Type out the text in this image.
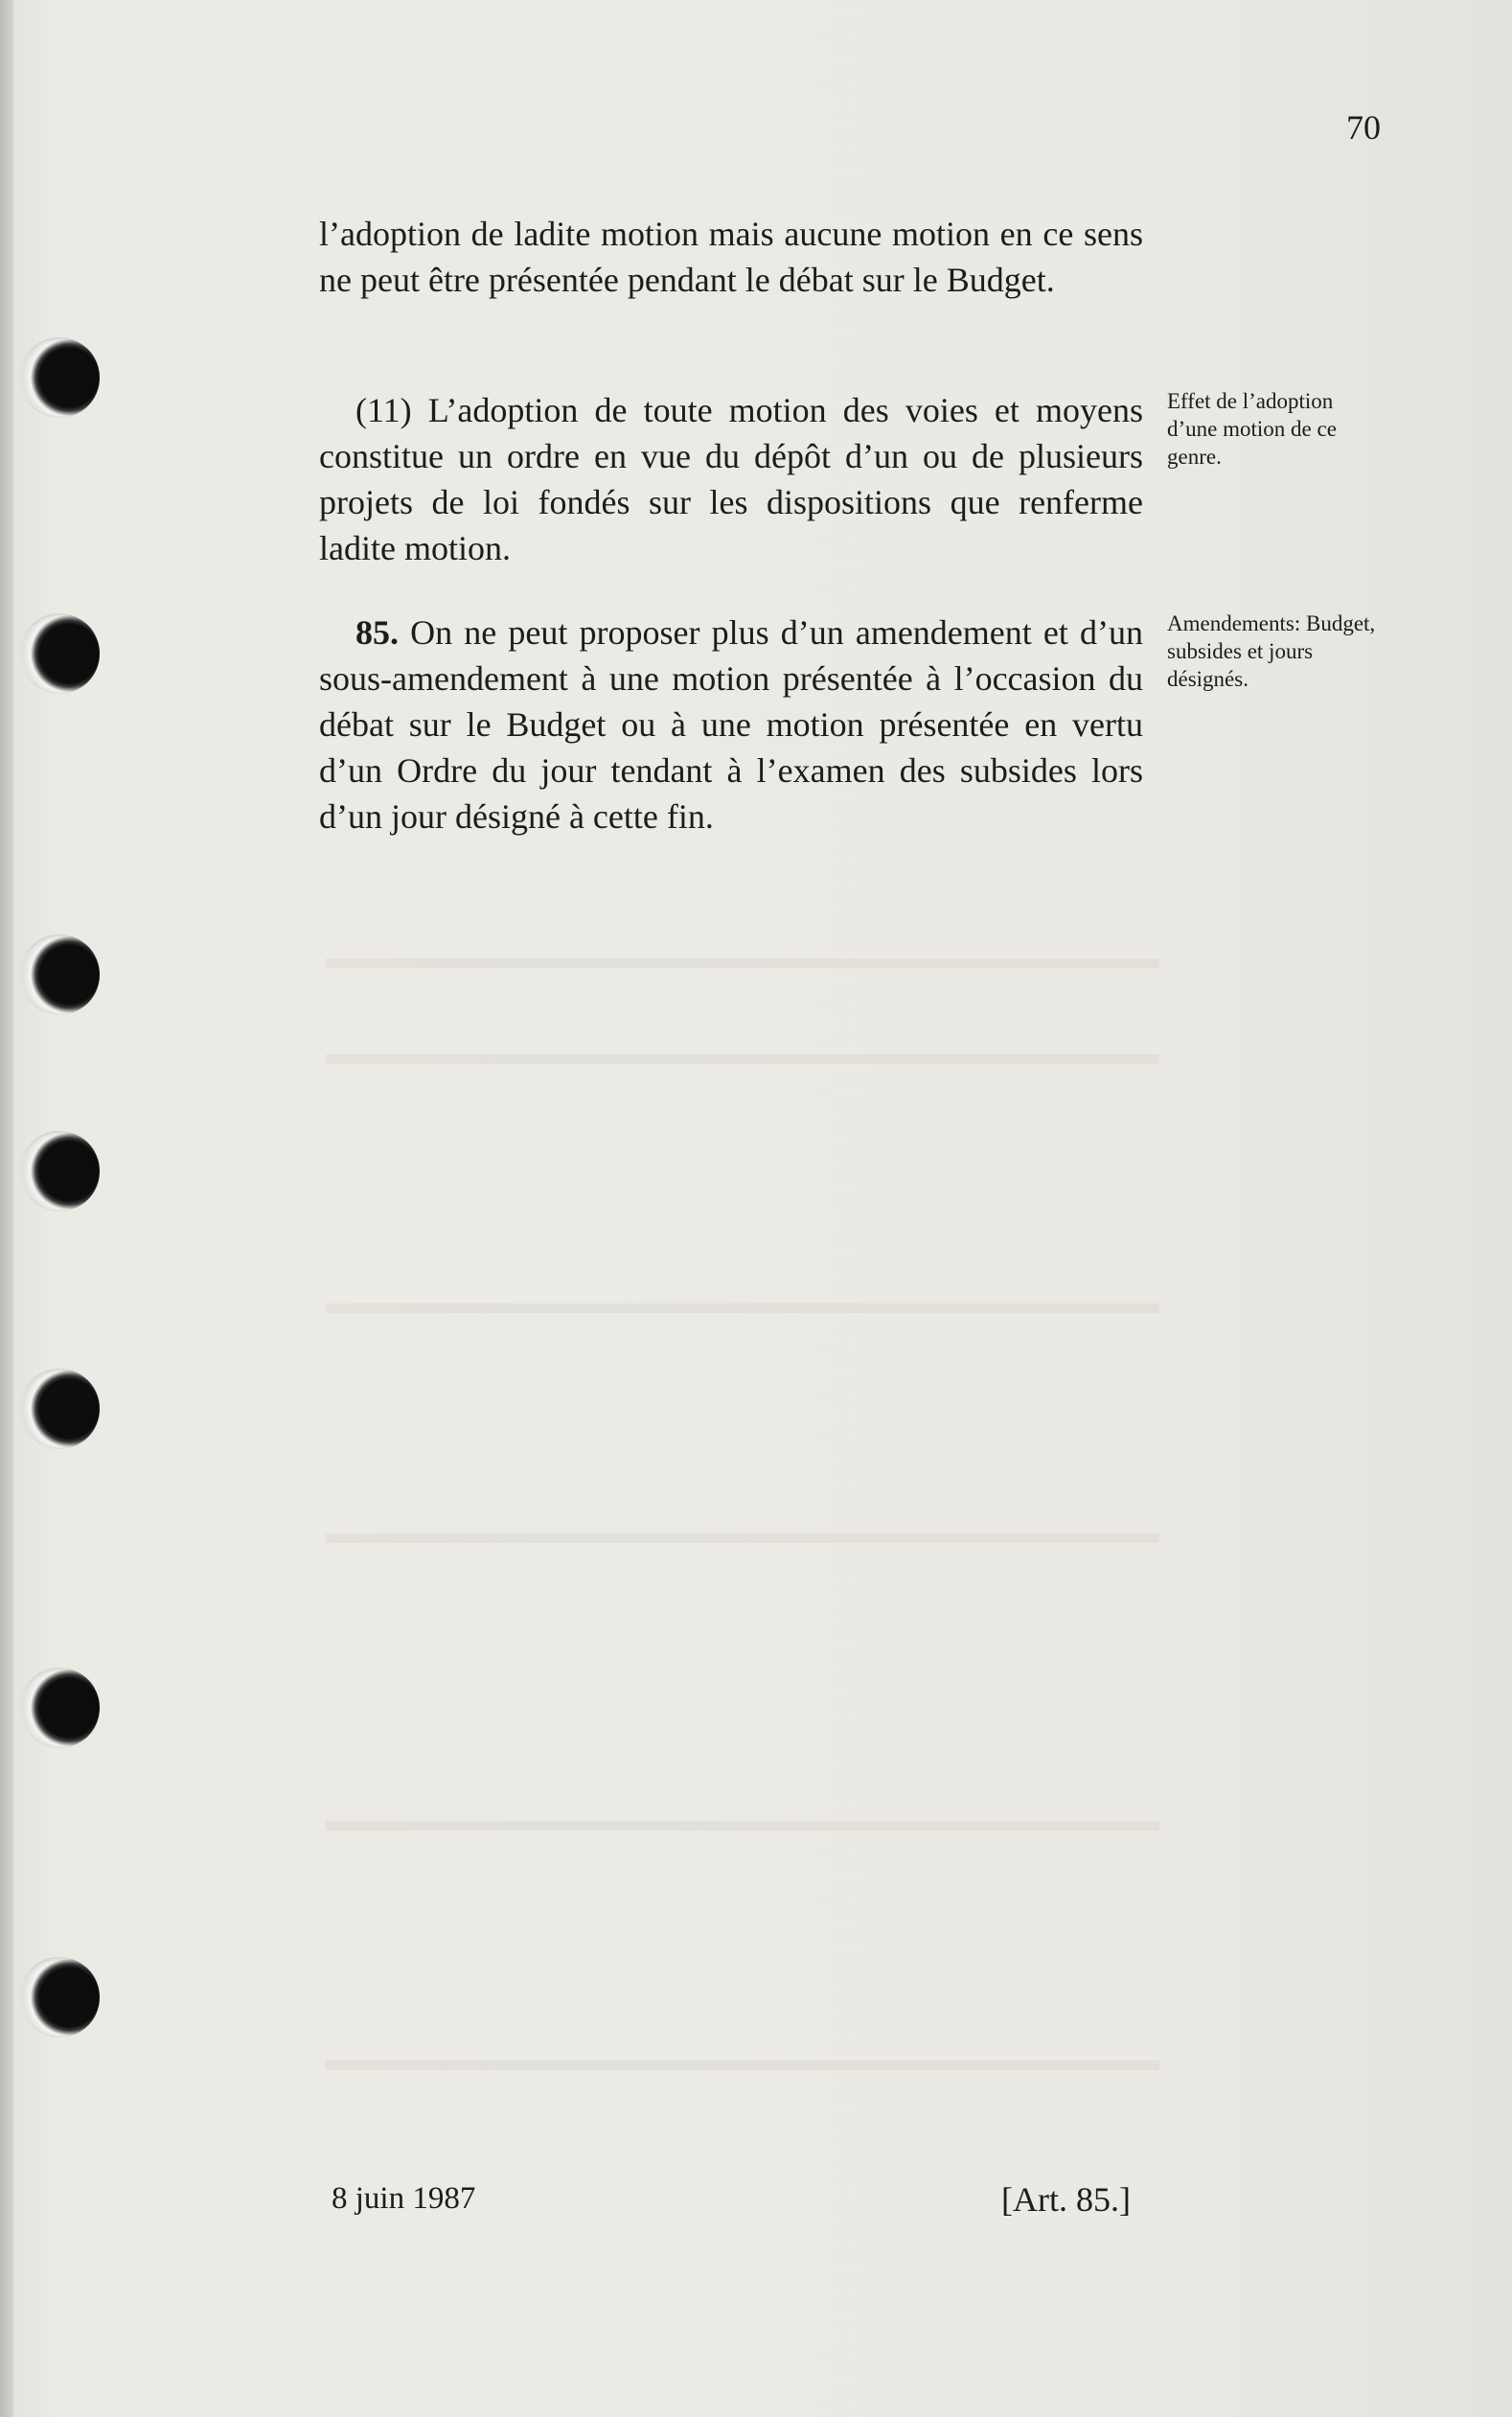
70

l’adoption de ladite motion mais aucune motion en ce sens ne peut être présentée pendant le débat sur le Budget.

(11) L’adoption de toute motion des voies et moyens constitue un ordre en vue du dépôt d’un ou de plusieurs projets de loi fondés sur les dispositions que renferme ladite motion.

85. On ne peut proposer plus d’un amendement et d’un sous-amendement à une motion présentée à l’occasion du débat sur le Budget ou à une motion présentée en vertu d’un Ordre du jour tendant à l’examen des subsides lors d’un jour désigné à cette fin.

Effet de l’adoption d’une motion de ce genre.

Amendements: Budget, subsides et jours désignés.

8 juin 1987	[Art. 85.]
